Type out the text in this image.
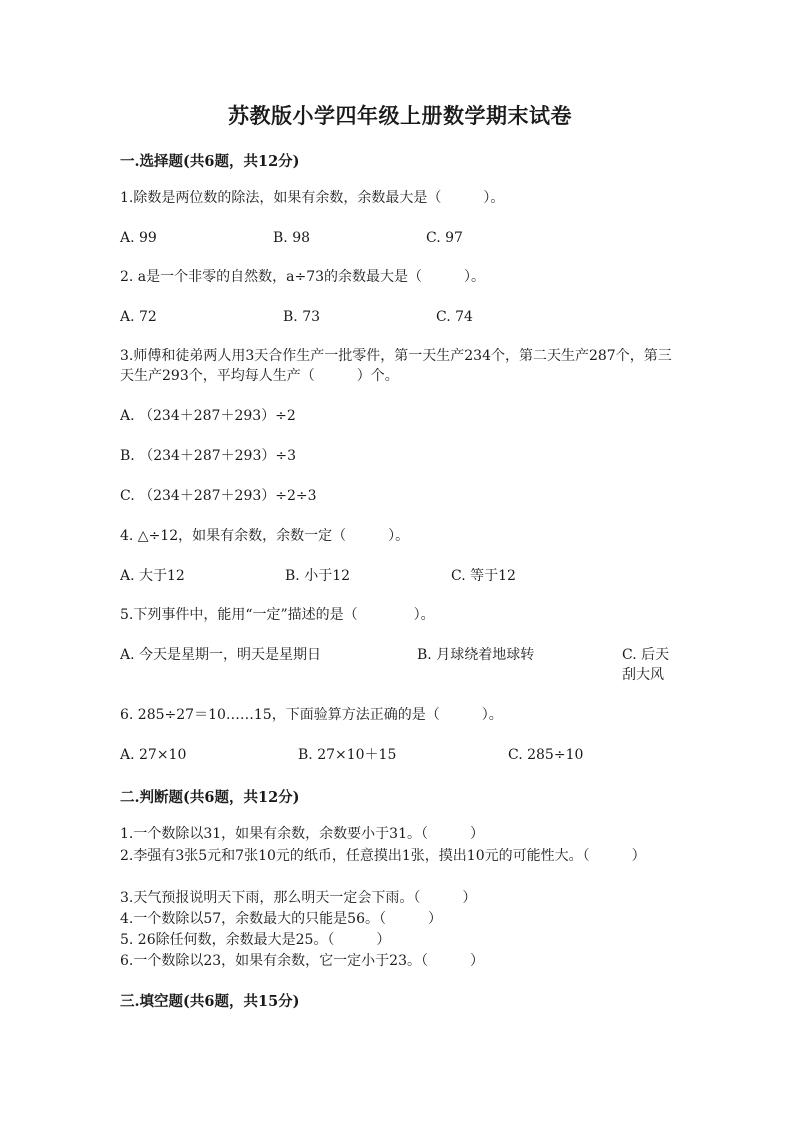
苏教版小学四年级上册数学期末试卷
一.选择题(共6题，共12分)
1.除数是两位数的除法，如果有余数，余数最大是（　　　）。
A. 99	B. 98	C. 97
2. a是一个非零的自然数，a÷73的余数最大是（　　　）。
A. 72	B. 73	C. 74
3.师傅和徒弟两人用3天合作生产一批零件，第一天生产234个，第二天生产287个，第三天生产293个，平均每人生产（　　　）个。
A. （234＋287＋293）÷2
B. （234＋287＋293）÷3
C. （234＋287＋293）÷2÷3
4. △÷12，如果有余数，余数一定（　　　）。
A. 大于12	B. 小于12	C. 等于12
5.下列事件中，能用“一定”描述的是（　　　　）。
A. 今天是星期一，明天是星期日	B. 月球绕着地球转	C. 后天刮大风
6. 285÷27＝10……15，下面验算方法正确的是（　　　）。
A. 27×10	B. 27×10＋15	C. 285÷10
二.判断题(共6题，共12分)
1.一个数除以31，如果有余数，余数要小于31。（　　　）
2.李强有3张5元和7张10元的纸币，任意摸出1张，摸出10元的可能性大。（　　　）
3.天气预报说明天下雨，那么明天一定会下雨。（　　　）
4.一个数除以57，余数最大的只能是56。（　　　）
5. 26除任何数，余数最大是25。（　　　）
6.一个数除以23，如果有余数，它一定小于23。（　　　）
三.填空题(共6题，共15分)
